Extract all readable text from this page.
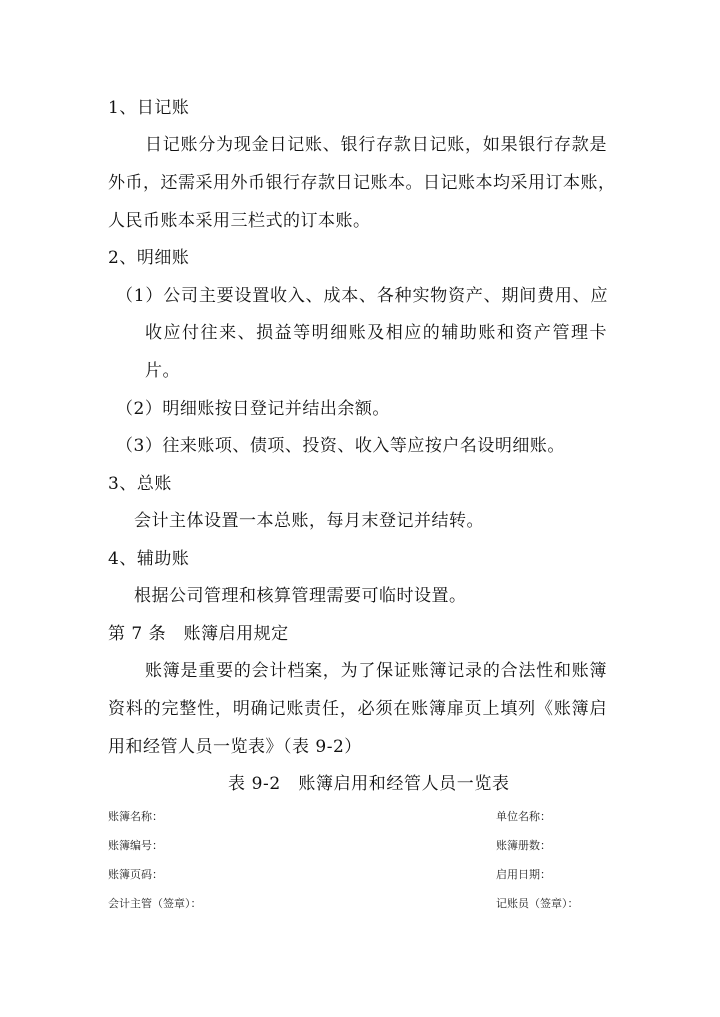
1、日记账
日记账分为现金日记账、银行存款日记账，如果银行存款是
外币，还需采用外币银行存款日记账本。日记账本均采用订本账，
人民币账本采用三栏式的订本账。
2、明细账
（1）公司主要设置收入、成本、各种实物资产、期间费用、应
收应付往来、损益等明细账及相应的辅助账和资产管理卡
片。
（2）明细账按日登记并结出余额。
（3）往来账项、债项、投资、收入等应按户名设明细账。
3、总账
会计主体设置一本总账，每月末登记并结转。
4、辅助账
根据公司管理和核算管理需要可临时设置。
第 7 条　账簿启用规定
账簿是重要的会计档案，为了保证账簿记录的合法性和账簿
资料的完整性，明确记账责任，必须在账簿扉页上填列《账簿启
用和经管人员一览表》（表 9-2）
表 9-2　账簿启用和经管人员一览表
账簿名称：
账簿编号：
账簿页码：
会计主管（签章）：
单位名称：
账簿册数：
启用日期：
记账员（签章）：
